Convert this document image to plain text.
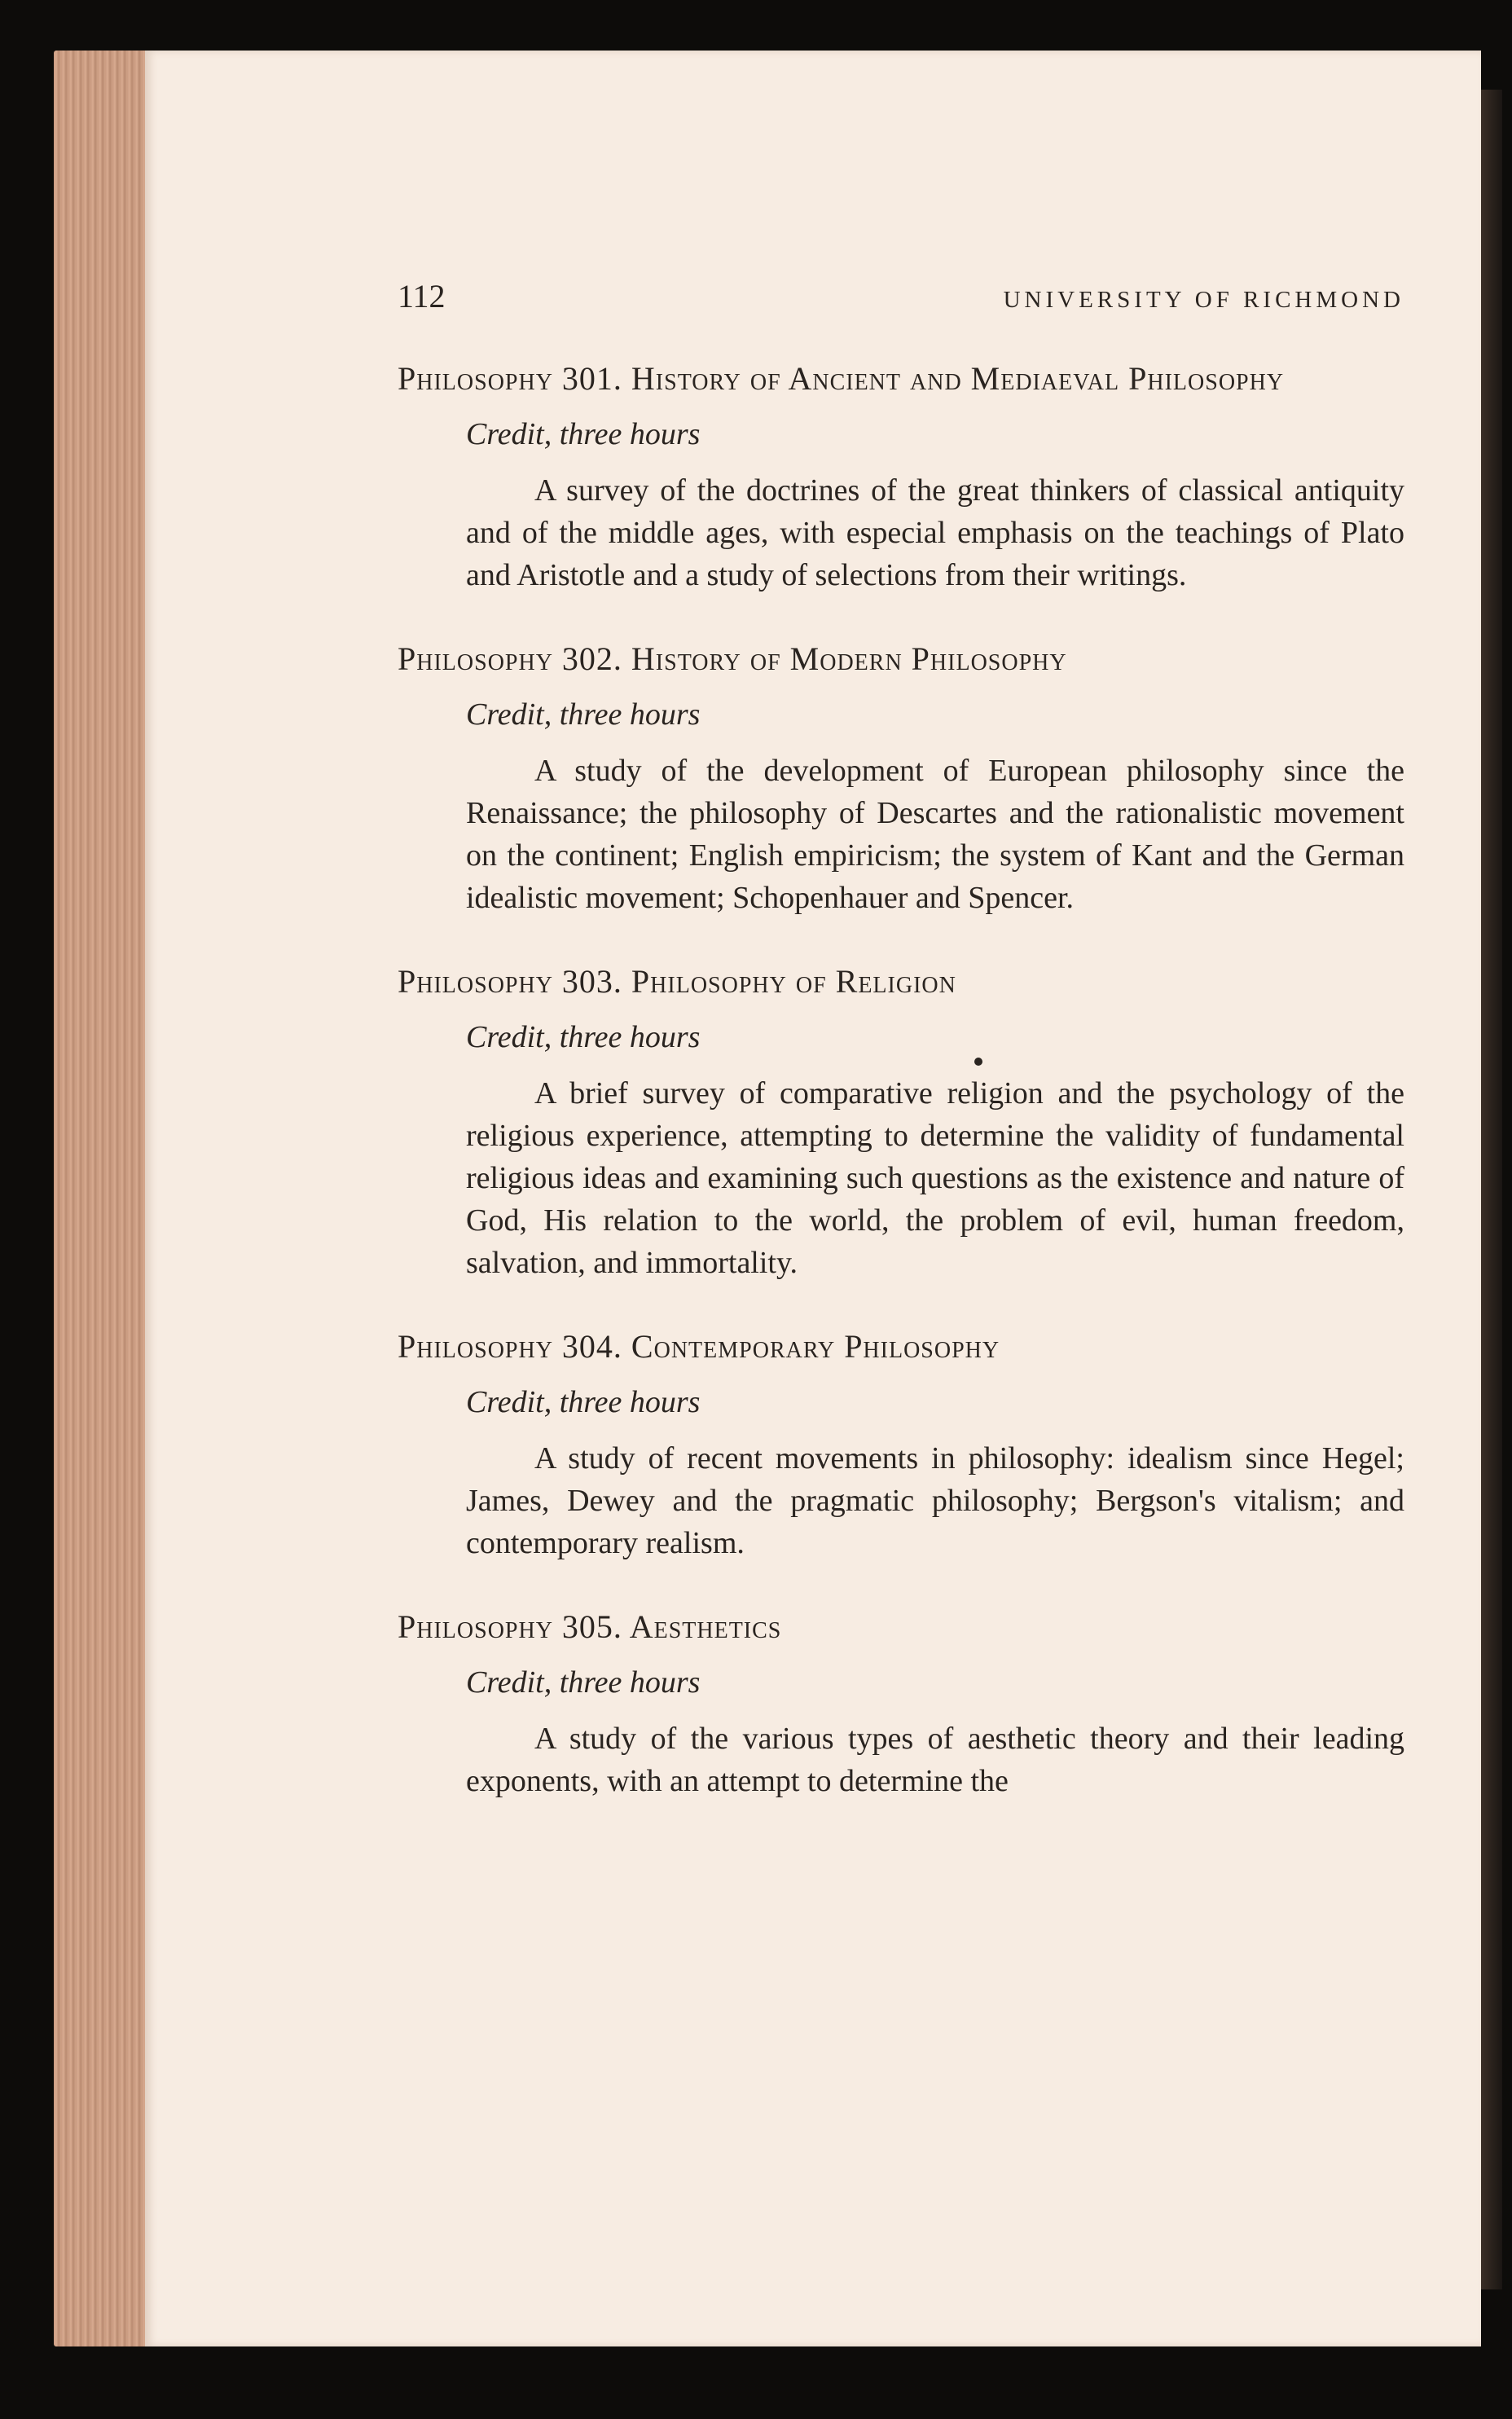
112	UNIVERSITY OF RICHMOND

Philosophy 301. History of Ancient and Mediaeval Philosophy

Credit, three hours
A survey of the doctrines of the great thinkers of classical antiquity and of the middle ages, with especial emphasis on the teachings of Plato and Aristotle and a study of selections from their writings.

Philosophy 302. History of Modern Philosophy

Credit, three hours
A study of the development of European philosophy since the Renaissance; the philosophy of Descartes and the rationalistic movement on the continent; English empiricism; the system of Kant and the German idealistic movement; Schopenhauer and Spencer.

Philosophy 303. Philosophy of Religion

Credit, three hours
A brief survey of comparative religion and the psychology of the religious experience, attempting to determine the validity of fundamental religious ideas and examining such questions as the existence and nature of God, His relation to the world, the problem of evil, human freedom, salvation, and immortality.

Philosophy 304. Contemporary Philosophy

Credit, three hours
A study of recent movements in philosophy: idealism since Hegel; James, Dewey and the pragmatic philosophy; Bergson's vitalism; and contemporary realism.

Philosophy 305. Aesthetics

Credit, three hours
A study of the various types of aesthetic theory and their leading exponents, with an attempt to determine the
